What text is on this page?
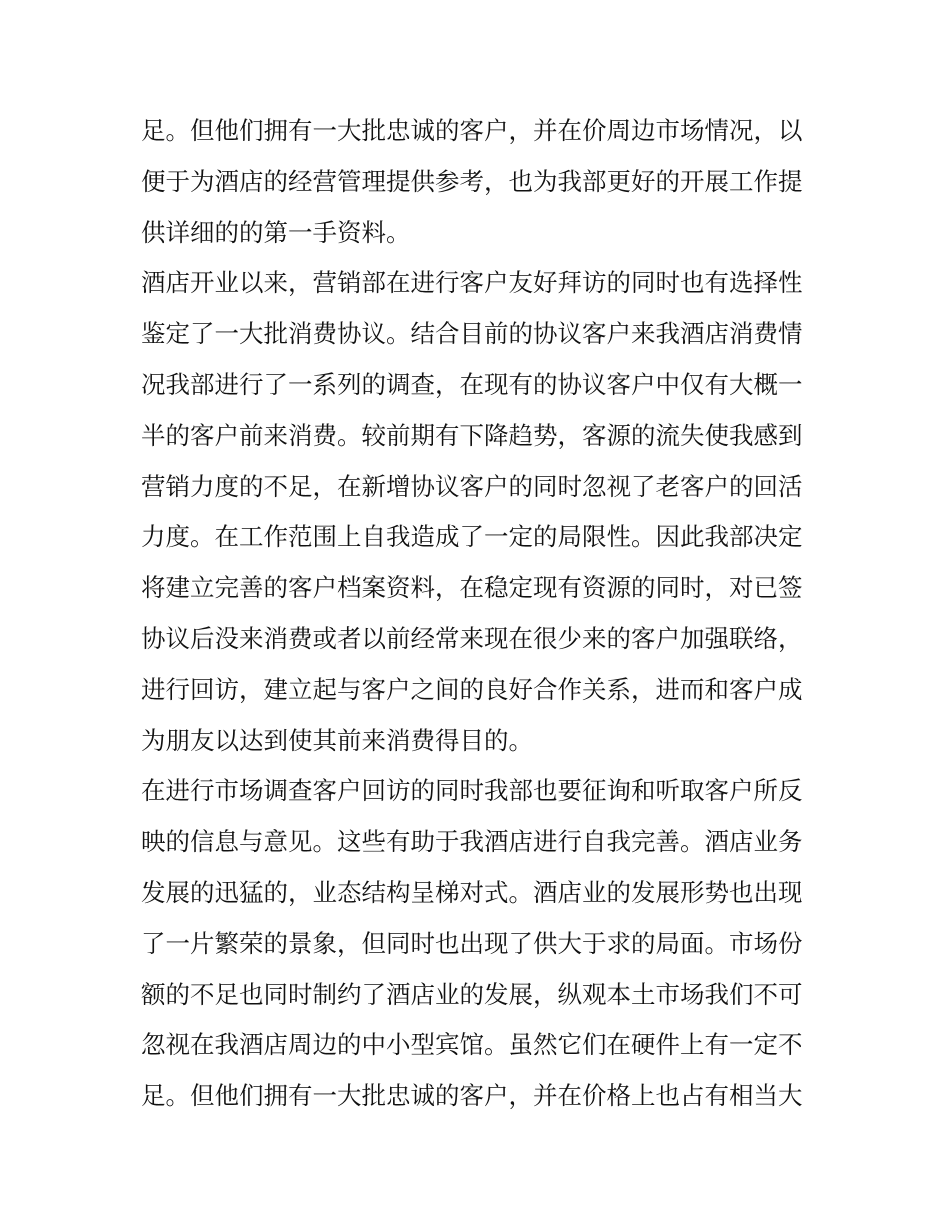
足。但他们拥有一大批忠诚的客户，并在价周边市场情况，以
便于为酒店的经营管理提供参考，也为我部更好的开展工作提
供详细的的第一手资料。
酒店开业以来，营销部在进行客户友好拜访的同时也有选择性
鉴定了一大批消费协议。结合目前的协议客户来我酒店消费情
况我部进行了一系列的调查，在现有的协议客户中仅有大概一
半的客户前来消费。较前期有下降趋势，客源的流失使我感到
营销力度的不足，在新增协议客户的同时忽视了老客户的回活
力度。在工作范围上自我造成了一定的局限性。因此我部决定
将建立完善的客户档案资料，在稳定现有资源的同时，对已签
协议后没来消费或者以前经常来现在很少来的客户加强联络，
进行回访，建立起与客户之间的良好合作关系，进而和客户成
为朋友以达到使其前来消费得目的。
在进行市场调查客户回访的同时我部也要征询和听取客户所反
映的信息与意见。这些有助于我酒店进行自我完善。酒店业务
发展的迅猛的，业态结构呈梯对式。酒店业的发展形势也出现
了一片繁荣的景象，但同时也出现了供大于求的局面。市场份
额的不足也同时制约了酒店业的发展，纵观本土市场我们不可
忽视在我酒店周边的中小型宾馆。虽然它们在硬件上有一定不
足。但他们拥有一大批忠诚的客户，并在价格上也占有相当大
